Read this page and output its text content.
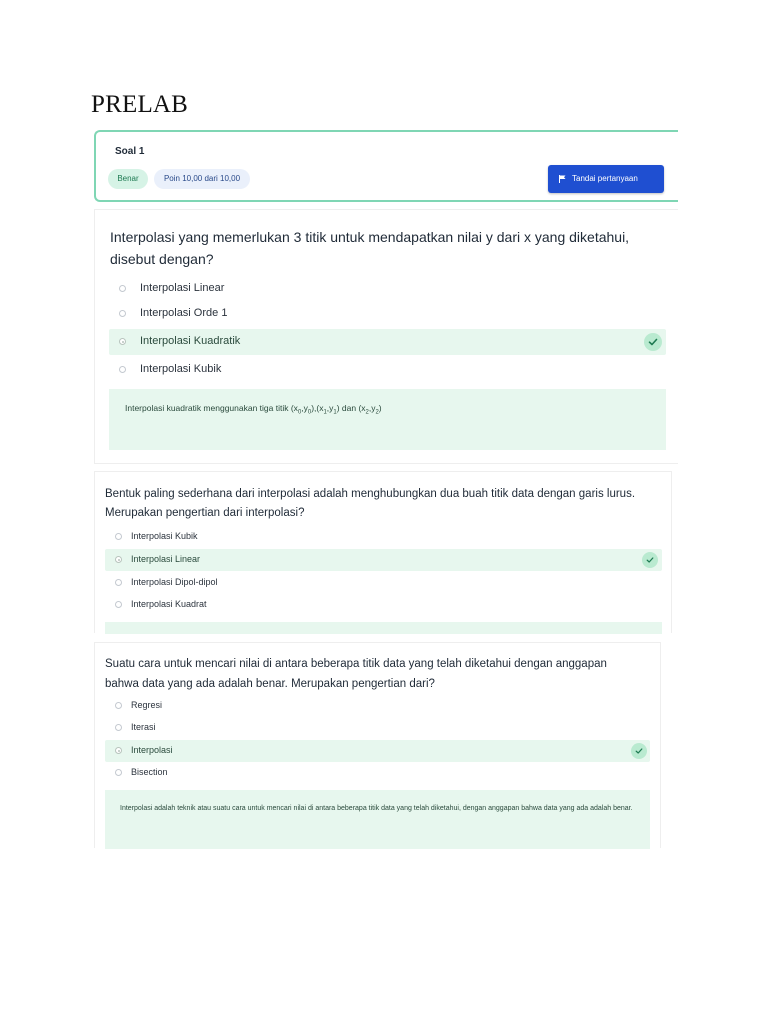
PRELAB
Soal 1
Benar	Poin 10,00 dari 10,00	Tandai pertanyaan
Interpolasi yang memerlukan 3 titik untuk mendapatkan nilai y dari x yang diketahui, disebut dengan?
Interpolasi Linear
Interpolasi Orde 1
Interpolasi Kuadratik
Interpolasi Kubik
Interpolasi kuadratik menggunakan tiga titik $(x_0,y_0),(x_1,y_1)$ dan $(x_2,y_2)$
Bentuk paling sederhana dari interpolasi adalah menghubungkan dua buah titik data dengan garis lurus. Merupakan pengertian dari interpolasi?
Interpolasi Kubik
Interpolasi Linear
Interpolasi Dipol-dipol
Interpolasi Kuadrat
Suatu cara untuk mencari nilai di antara beberapa titik data yang telah diketahui dengan anggapan bahwa data yang ada adalah benar. Merupakan pengertian dari?
Regresi
Iterasi
Interpolasi
Bisection
Interpolasi adalah teknik atau suatu cara untuk mencari nilai di antara beberapa titik data yang telah diketahui, dengan anggapan bahwa data yang ada adalah benar.
